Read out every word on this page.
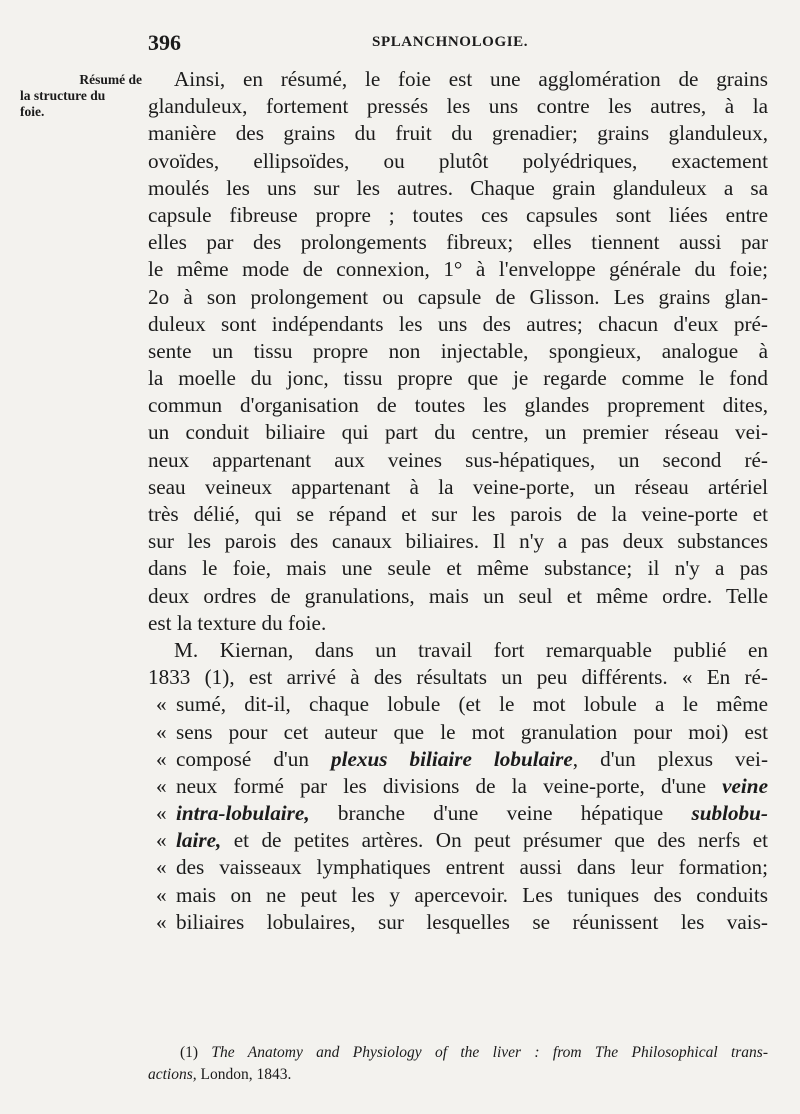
396	SPLANCHNOLOGIE.
Résumé de
la structure du
foie.
Ainsi, en résumé, le foie est une agglomération de grains
glanduleux, fortement pressés les uns contre les autres, à la
manière des grains du fruit du grenadier; grains glanduleux,
ovoïdes, ellipsoïdes, ou plutôt polyédriques, exactement
moulés les uns sur les autres. Chaque grain glanduleux a sa
capsule fibreuse propre ; toutes ces capsules sont liées entre
elles par des prolongements fibreux; elles tiennent aussi par
le même mode de connexion, 1° à l'enveloppe générale du foie;
2o à son prolongement ou capsule de Glisson. Les grains glan-
duleux sont indépendants les uns des autres; chacun d'eux pré-
sente un tissu propre non injectable, spongieux, analogue à
la moelle du jonc, tissu propre que je regarde comme le fond
commun d'organisation de toutes les glandes proprement dites,
un conduit biliaire qui part du centre, un premier réseau vei-
neux appartenant aux veines sus-hépatiques, un second ré-
seau veineux appartenant à la veine-porte, un réseau artériel
très délié, qui se répand et sur les parois de la veine-porte et
sur les parois des canaux biliaires. Il n'y a pas deux substances
dans le foie, mais une seule et même substance; il n'y a pas
deux ordres de granulations, mais un seul et même ordre. Telle
est la texture du foie.
M. Kiernan, dans un travail fort remarquable publié en
1833 (1), est arrivé à des résultats un peu différents. « En ré-
« sumé, dit-il, chaque lobule (et le mot lobule a le même
« sens pour cet auteur que le mot granulation pour moi) est
« composé d'un plexus biliaire lobulaire, d'un plexus vei-
« neux formé par les divisions de la veine-porte, d'une veine
« intra-lobulaire, branche d'une veine hépatique sublobu-
« laire, et de petites artères. On peut présumer que des nerfs et
« des vaisseaux lymphatiques entrent aussi dans leur formation;
« mais on ne peut les y apercevoir. Les tuniques des conduits
« biliaires lobulaires, sur lesquelles se réunissent les vais-
(1) The Anatomy and Physiology of the liver : from The Philosophical trans-
actions, London, 1843.
